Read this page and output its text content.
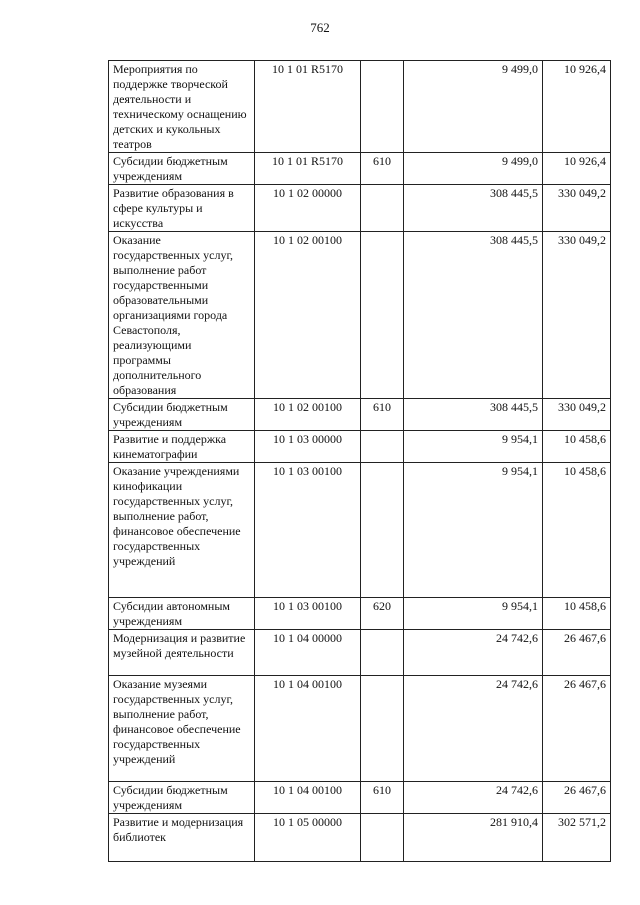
762
Мероприятия по поддержке творческой деятельности и техническому оснащению детских и кукольных театров	10 1 01 R5170		9 499,0	10 926,4
Субсидии бюджетным учреждениям	10 1 01 R5170	610	9 499,0	10 926,4
Развитие образования в сфере культуры и искусства	10 1 02 00000		308 445,5	330 049,2
Оказание государственных услуг, выполнение работ государственными образовательными организациями города Севастополя, реализующими программы дополнительного образования	10 1 02 00100		308 445,5	330 049,2
Субсидии бюджетным учреждениям	10 1 02 00100	610	308 445,5	330 049,2
Развитие и поддержка кинематографии	10 1 03 00000		9 954,1	10 458,6
Оказание учреждениями кинофикации государственных услуг, выполнение работ, финансовое обеспечение государственных учреждений	10 1 03 00100		9 954,1	10 458,6
Субсидии автономным учреждениям	10 1 03 00100	620	9 954,1	10 458,6
Модернизация и развитие музейной деятельности	10 1 04 00000		24 742,6	26 467,6
Оказание музеями государственных услуг, выполнение работ, финансовое обеспечение государственных учреждений	10 1 04 00100		24 742,6	26 467,6
Субсидии бюджетным учреждениям	10 1 04 00100	610	24 742,6	26 467,6
Развитие и модернизация библиотек	10 1 05 00000		281 910,4	302 571,2
